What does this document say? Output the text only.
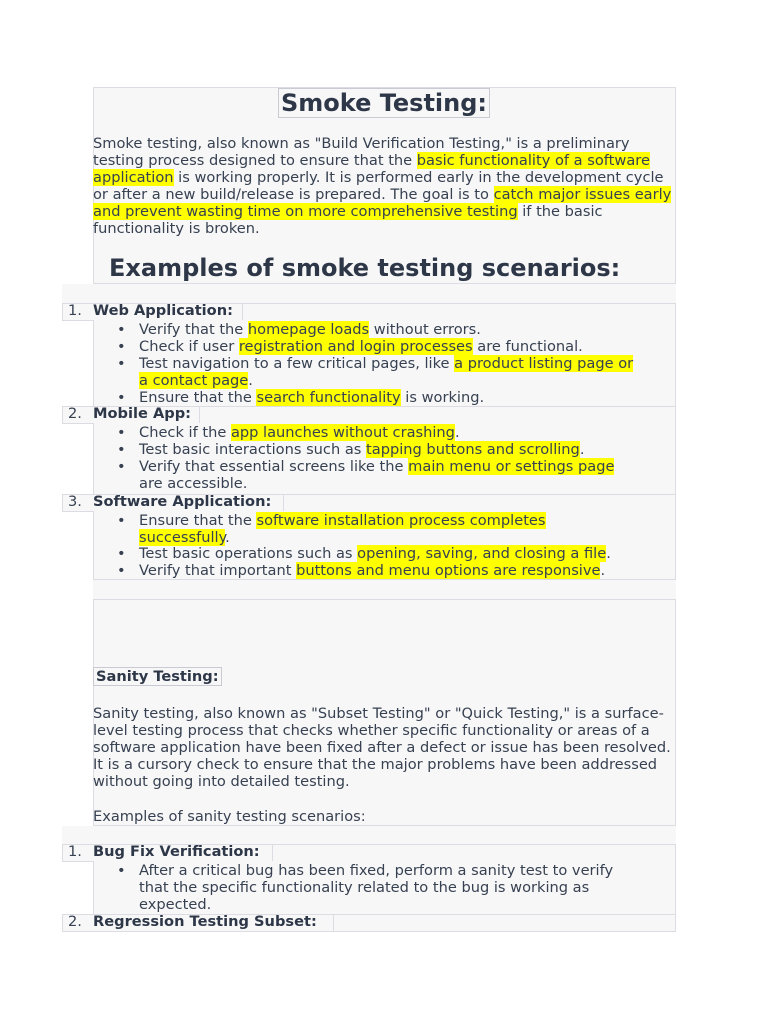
Smoke Testing:
Smoke testing, also known as "Build Verification Testing," is a preliminary testing process designed to ensure that the basic functionality of a software application is working properly. It is performed early in the development cycle or after a new build/release is prepared. The goal is to catch major issues early and prevent wasting time on more comprehensive testing if the basic functionality is broken.
Examples of smoke testing scenarios:
1. Web Application:
2. Mobile App:
3. Software Application:
• Verify that the homepage loads without errors.
• Check if user registration and login processes are functional.
• Test navigation to a few critical pages, like a product listing page or
a contact page.
• Ensure that the search functionality is working.
• Check if the app launches without crashing.
• Test basic interactions such as tapping buttons and scrolling.
• Verify that essential screens like the main menu or settings page
are accessible.
• Ensure that the software installation process completes
successfully.
• Test basic operations such as opening, saving, and closing a file.
• Verify that important buttons and menu options are responsive.
Sanity Testing:
Sanity testing, also known as "Subset Testing" or "Quick Testing," is a surface-level testing process that checks whether specific functionality or areas of a software application have been fixed after a defect or issue has been resolved. It is a cursory check to ensure that the major problems have been addressed without going into detailed testing.
Examples of sanity testing scenarios:
1. Bug Fix Verification:
2. Regression Testing Subset:
• After a critical bug has been fixed, perform a sanity test to verify
that the specific functionality related to the bug is working as
expected.
